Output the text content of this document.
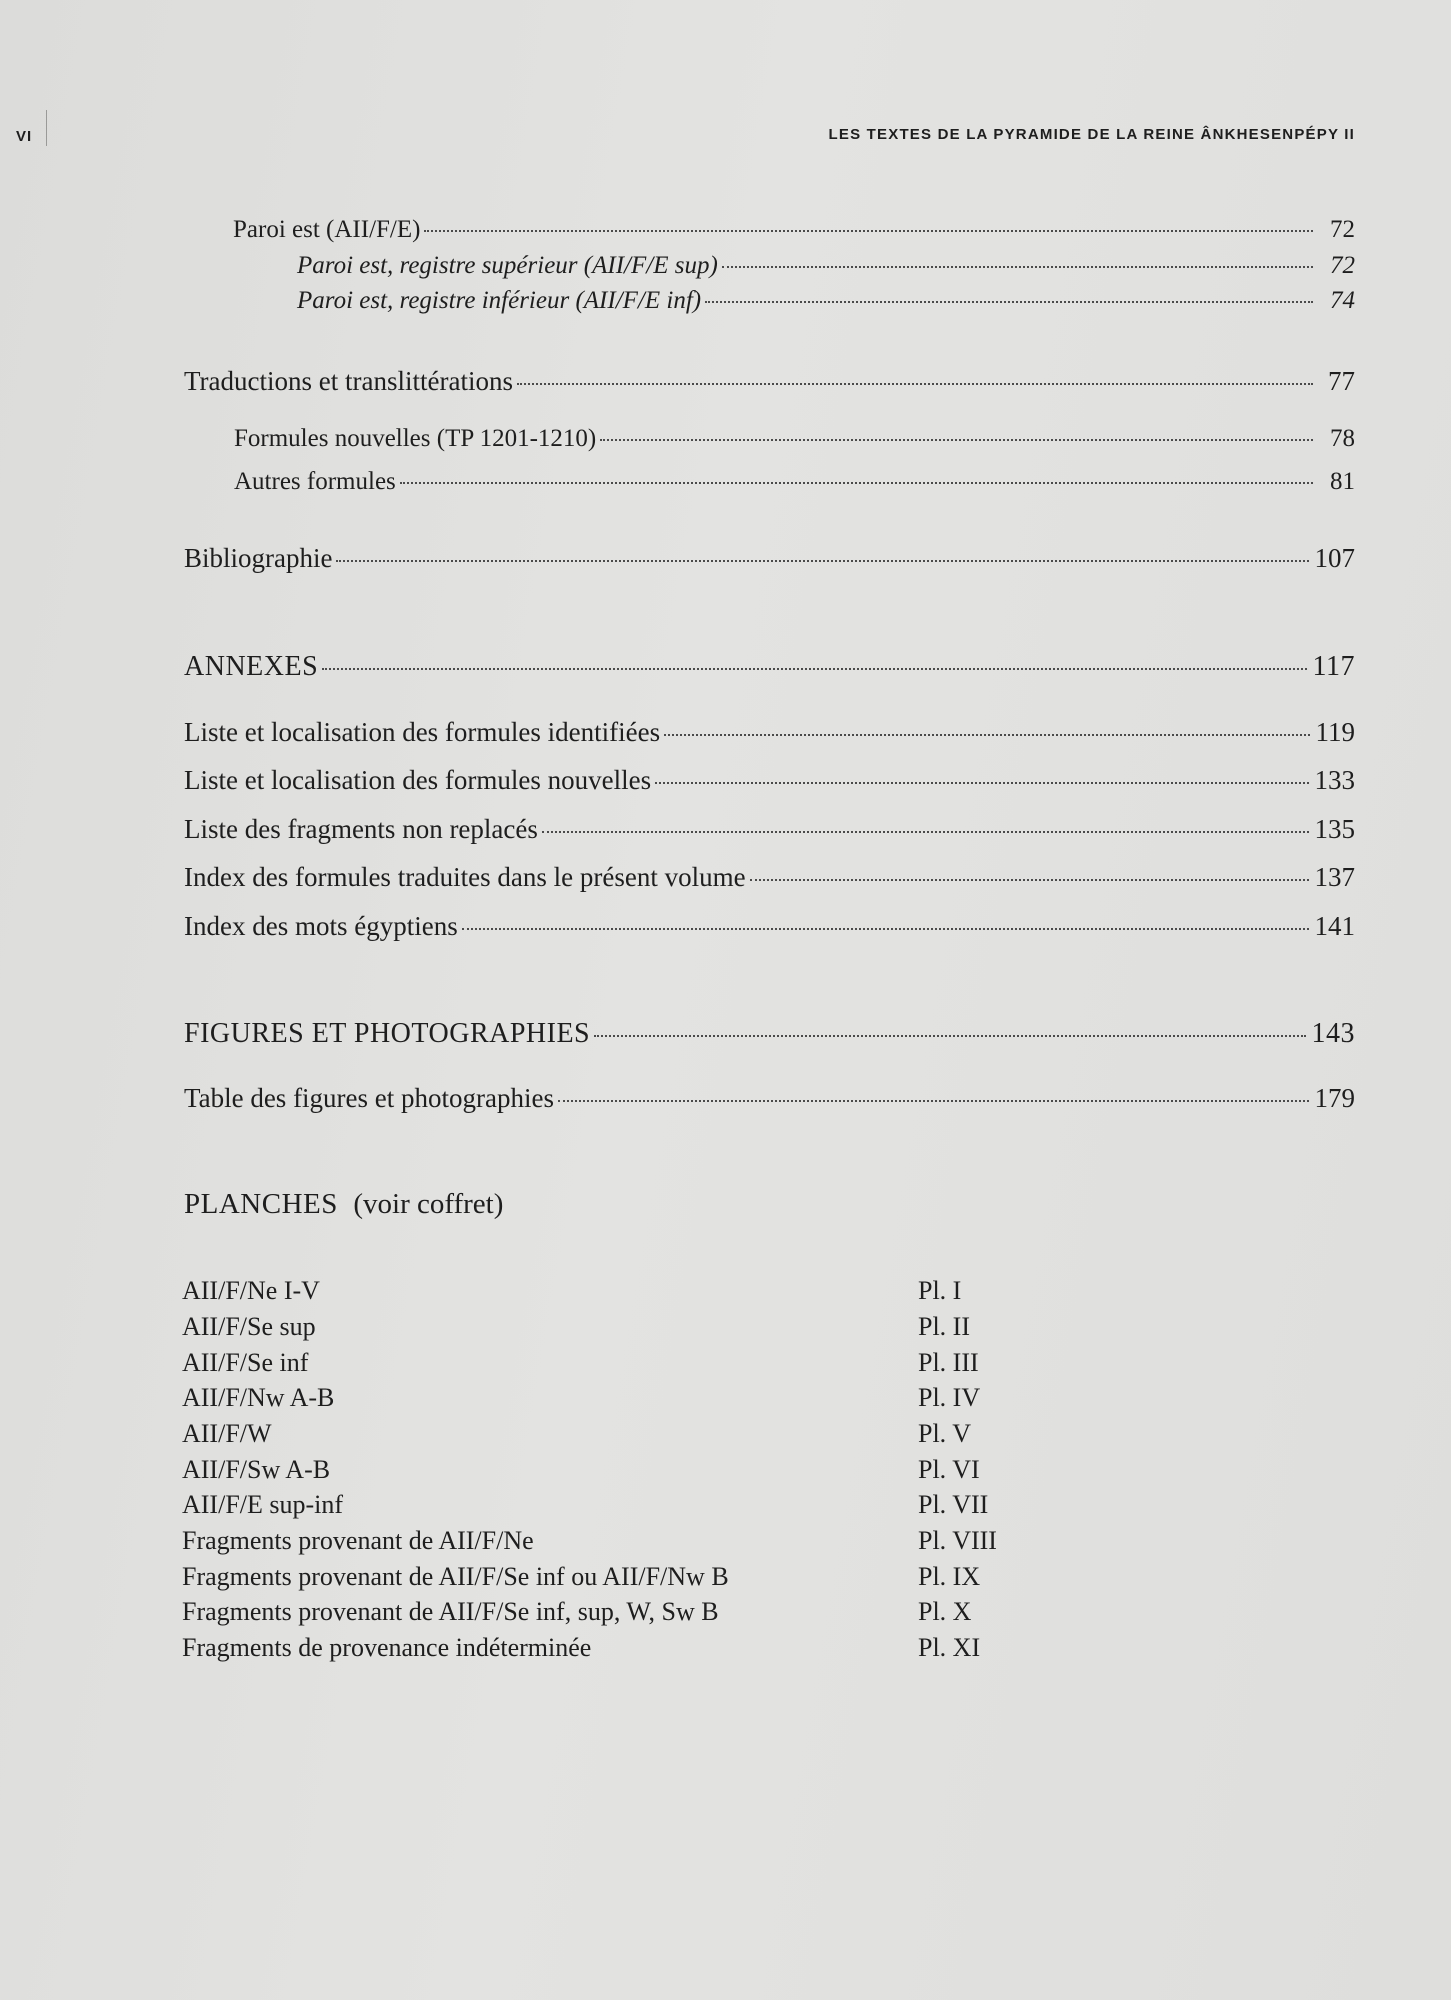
VI	LES TEXTES DE LA PYRAMIDE DE LA REINE ÂNKHESENPÉPY II
Paroi est (AII/F/E)	72
Paroi est, registre supérieur (AII/F/E sup)	72
Paroi est, registre inférieur (AII/F/E inf)	74
Traductions et translittérations	77
Formules nouvelles (TP 1201-1210)	78
Autres formules	81
Bibliographie	107
ANNEXES	117
Liste et localisation des formules identifiées	119
Liste et localisation des formules nouvelles	133
Liste des fragments non replacés	135
Index des formules traduites dans le présent volume	137
Index des mots égyptiens	141
FIGURES ET PHOTOGRAPHIES	143
Table des figures et photographies	179
PLANCHES (voir coffret)
AII/F/Ne I-V	Pl. I
AII/F/Se sup	Pl. II
AII/F/Se inf	Pl. III
AII/F/Nw A-B	Pl. IV
AII/F/W	Pl. V
AII/F/Sw A-B	Pl. VI
AII/F/E sup-inf	Pl. VII
Fragments provenant de AII/F/Ne	Pl. VIII
Fragments provenant de AII/F/Se inf ou AII/F/Nw B	Pl. IX
Fragments provenant de AII/F/Se inf, sup, W, Sw B	Pl. X
Fragments de provenance indéterminée	Pl. XI
